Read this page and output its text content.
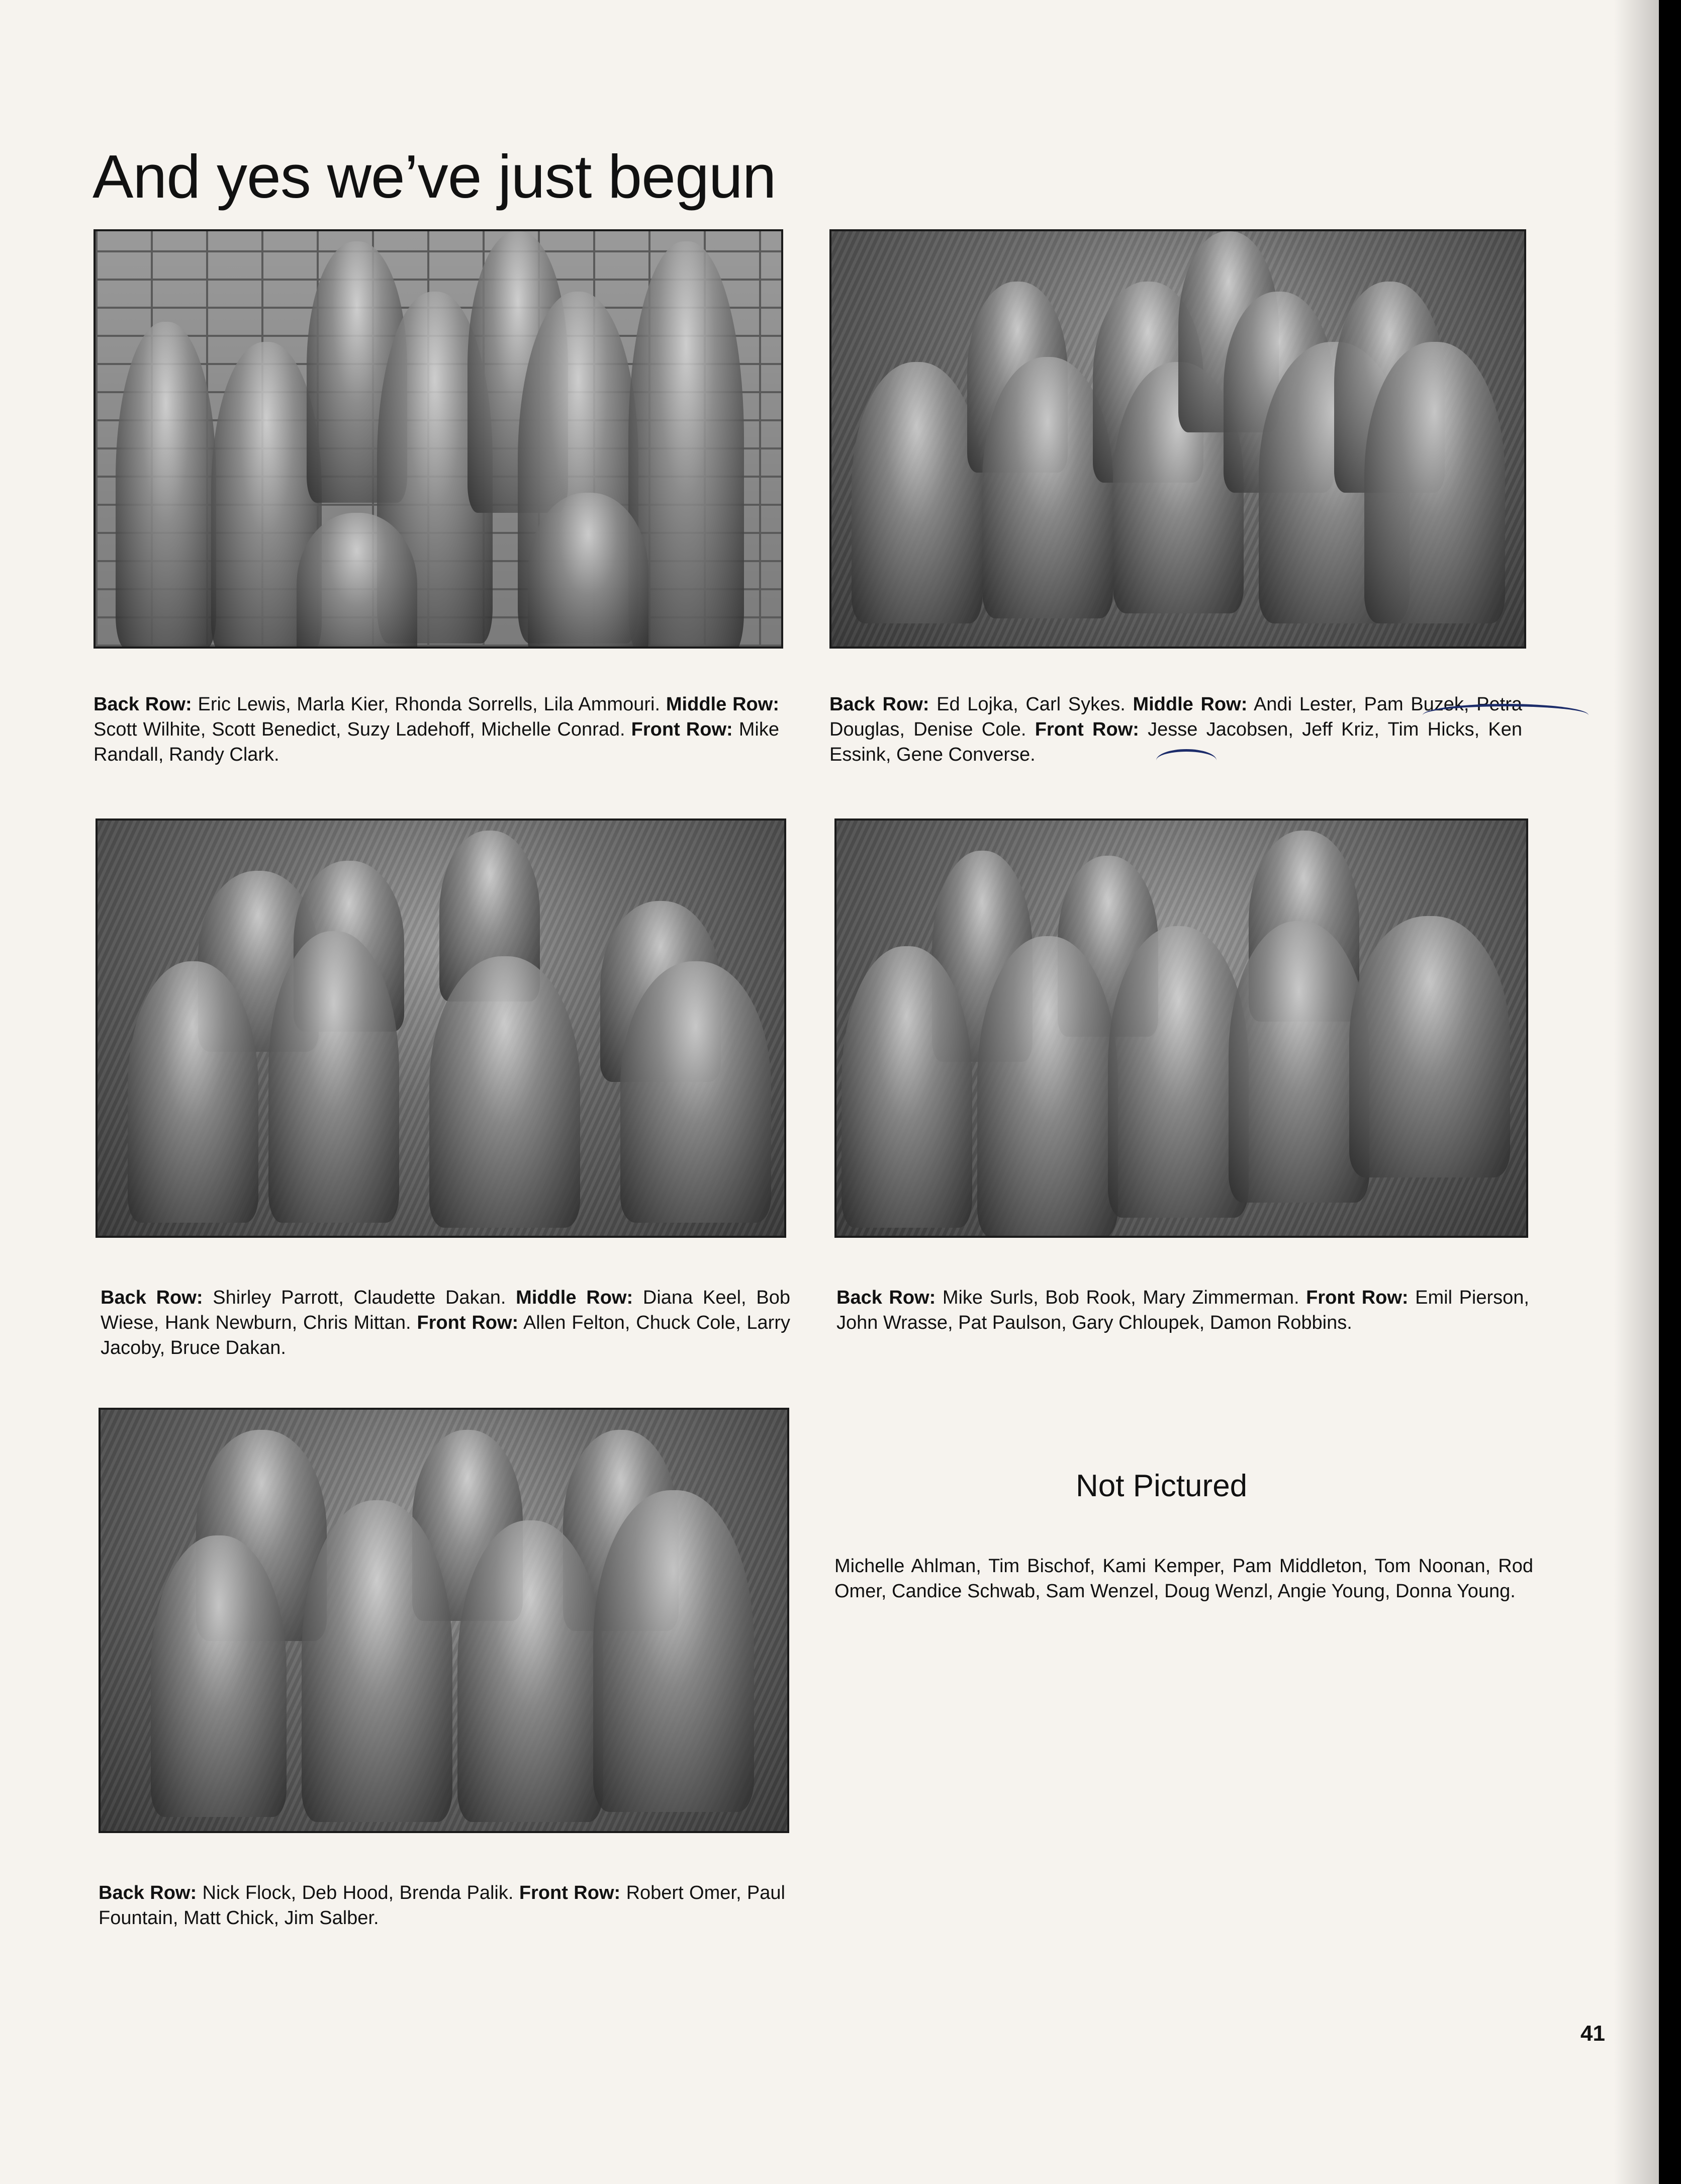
And yes we’ve just begun
Back Row: Eric Lewis, Marla Kier, Rhonda Sorrells, Lila Ammouri. Middle Row: Scott Wilhite, Scott Benedict, Suzy Ladehoff, Michelle Conrad. Front Row: Mike Randall, Randy Clark.
Back Row: Ed Lojka, Carl Sykes. Middle Row: Andi Lester, Pam Buzek, Petra Douglas, Denise Cole. Front Row: Jesse Jacobsen, Jeff Kriz, Tim Hicks, Ken Essink, Gene Converse.
Back Row: Shirley Parrott, Claudette Dakan. Middle Row: Diana Keel, Bob Wiese, Hank Newburn, Chris Mittan. Front Row: Allen Felton, Chuck Cole, Larry Jacoby, Bruce Dakan.
Back Row: Mike Surls, Bob Rook, Mary Zimmerman. Front Row: Emil Pierson, John Wrasse, Pat Paulson, Gary Chloupek, Damon Robbins.
Back Row: Nick Flock, Deb Hood, Brenda Palik. Front Row: Robert Omer, Paul Fountain, Matt Chick, Jim Salber.
Not Pictured
Michelle Ahlman, Tim Bischof, Kami Kemper, Pam Middleton, Tom Noonan, Rod Omer, Candice Schwab, Sam Wenzel, Doug Wenzl, Angie Young, Donna Young.
41
